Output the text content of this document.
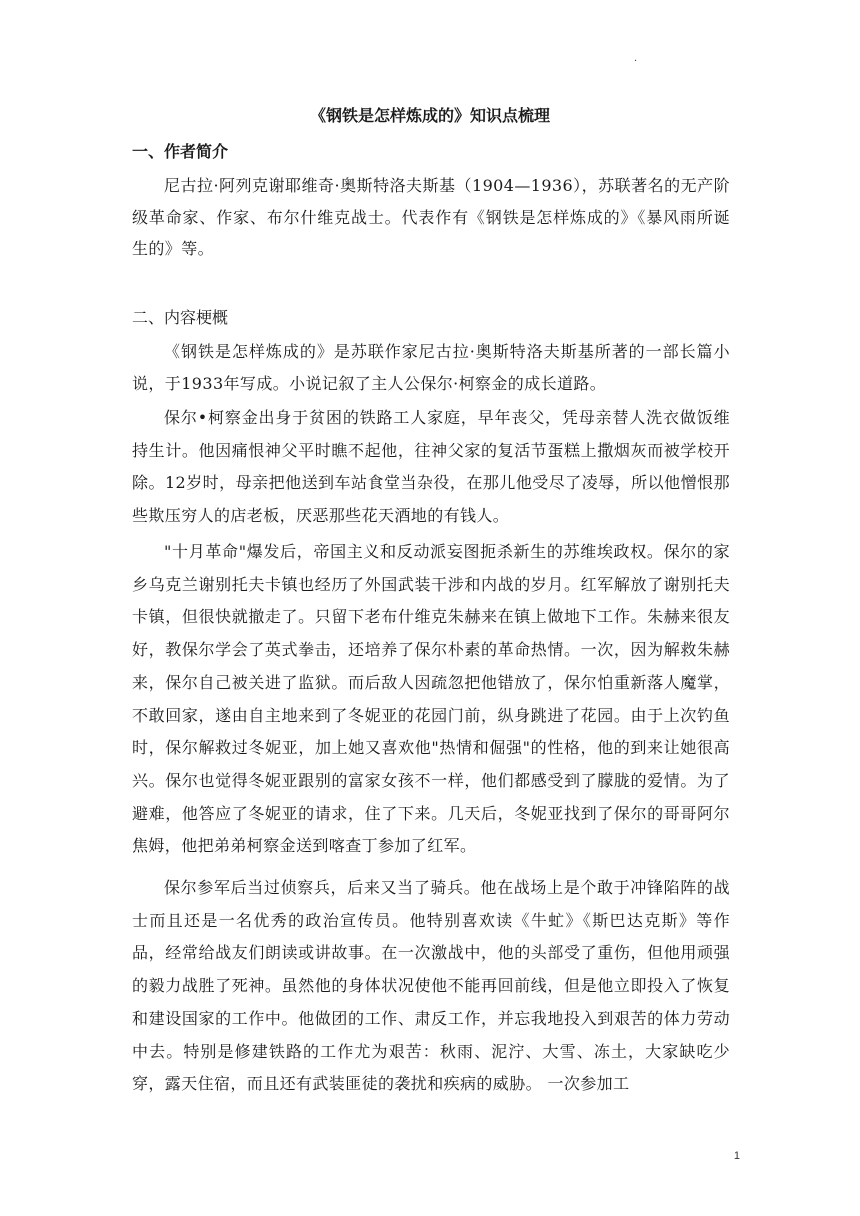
·
《钢铁是怎样炼成的》知识点梳理
一、作者简介

尼古拉·阿列克谢耶维奇·奥斯特洛夫斯基（1904—1936），苏联著名的无产阶级革命家、作家、布尔什维克战士。代表作有《钢铁是怎样炼成的》《暴风雨所诞生的》等。

二、内容梗概

《钢铁是怎样炼成的》是苏联作家尼古拉·奥斯特洛夫斯基所著的一部长篇小说，于1933年写成。小说记叙了主人公保尔·柯察金的成长道路。

保尔•柯察金出身于贫困的铁路工人家庭，早年丧父，凭母亲替人洗衣做饭维持生计。他因痛恨神父平时瞧不起他，往神父家的复活节蛋糕上撒烟灰而被学校开除。12岁时，母亲把他送到车站食堂当杂役，在那儿他受尽了凌辱，所以他憎恨那些欺压穷人的店老板，厌恶那些花天酒地的有钱人。

"十月革命"爆发后，帝国主义和反动派妄图扼杀新生的苏维埃政权。保尔的家乡乌克兰谢别托夫卡镇也经历了外国武装干涉和内战的岁月。红军解放了谢别托夫卡镇，但很快就撤走了。只留下老布什维克朱赫来在镇上做地下工作。朱赫来很友好，教保尔学会了英式拳击，还培养了保尔朴素的革命热情。一次，因为解救朱赫来，保尔自己被关进了监狱。而后敌人因疏忽把他错放了，保尔怕重新落人魔掌，不敢回家，遂由自主地来到了冬妮亚的花园门前，纵身跳进了花园。由于上次钓鱼时，保尔解救过冬妮亚，加上她又喜欢他"热情和倔强"的性格，他的到来让她很高兴。保尔也觉得冬妮亚跟别的富家女孩不一样，他们都感受到了朦胧的爱情。为了避难，他答应了冬妮亚的请求，住了下来。几天后，冬妮亚找到了保尔的哥哥阿尔焦姆，他把弟弟柯察金送到喀查丁参加了红军。

保尔参军后当过侦察兵，后来又当了骑兵。他在战场上是个敢于冲锋陷阵的战士而且还是一名优秀的政治宣传员。他特别喜欢读《牛虻》《斯巴达克斯》等作品，经常给战友们朗读或讲故事。在一次激战中，他的头部受了重伤，但他用顽强的毅力战胜了死神。虽然他的身体状况使他不能再回前线，但是他立即投入了恢复和建设国家的工作中。他做团的工作、肃反工作，并忘我地投入到艰苦的体力劳动中去。特别是修建铁路的工作尤为艰苦：秋雨、泥泞、大雪、冻土，大家缺吃少穿，露天住宿，而且还有武装匪徒的袭扰和疾病的威胁。 一次参加工

1
